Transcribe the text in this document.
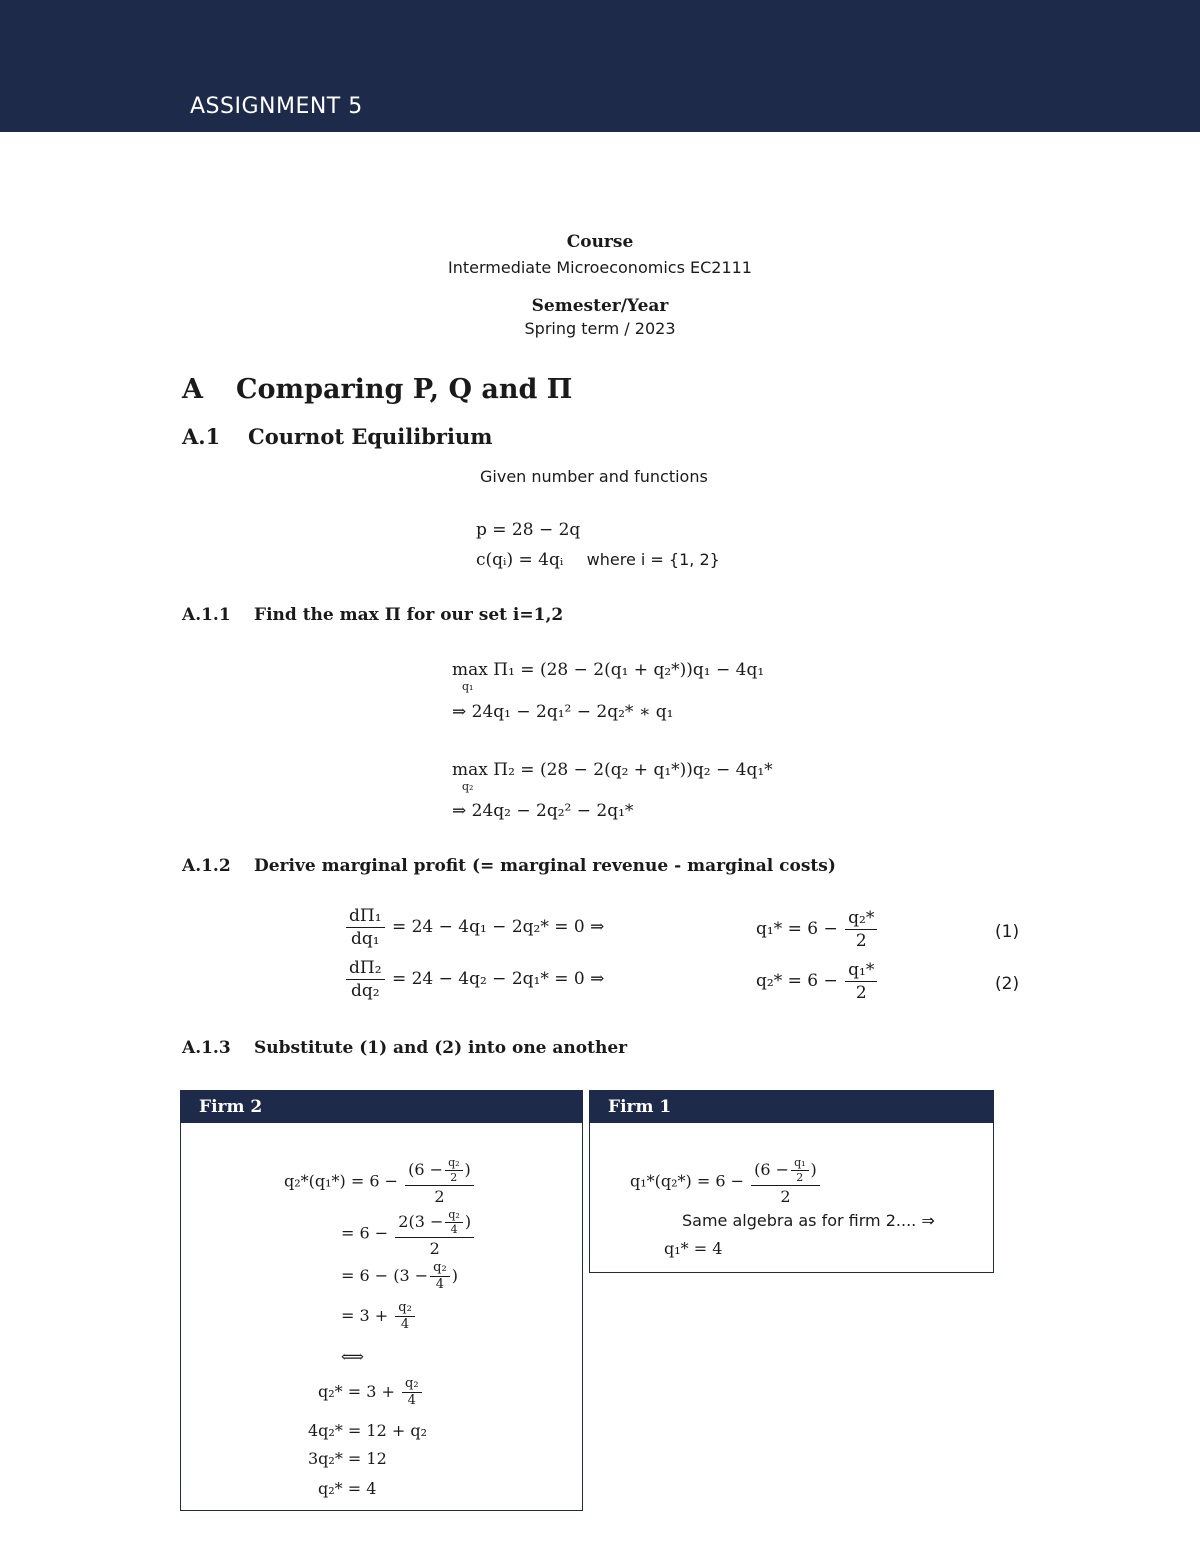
ASSIGNMENT 5
Course
Intermediate Microeconomics EC2111
Semester/Year
Spring term / 2023
A Comparing P, Q and Π
A.1 Cournot Equilibrium
Given number and functions
p = 28 − 2q
c(qᵢ) = 4qᵢ where i = {1, 2}
A.1.1 Find the max Π for our set i=1,2
max Π₁ = (28 − 2(q₁ + q₂*))q₁ − 4q₁
q₁
⇒ 24q₁ − 2q₁² − 2q₂* ∗ q₁
max Π₂ = (28 − 2(q₂ + q₁*))q₂ − 4q₁*
q₂
⇒ 24q₂ − 2q₂² − 2q₁*
A.1.2 Derive marginal profit (= marginal revenue - marginal costs)
$\frac{\text{dΠ₁}}{\text{dq₁}} = 24 - 4q_1 - 2q_2* = 0$ ⇒	$q_1* = 6 - \frac{\text{q₂*}}{2}$	(1)
$\frac{\text{dΠ₂}}{\text{dq₂}} = 24 - 4q_2 - 2q_1* = 0$ ⇒	$q_2* = 6 - \frac{\text{q₁*}}{2}$	(2)
A.1.3 Substitute (1) and (2) into one another
Firm 2
$q_2*(q_1*) = 6 - \frac{(6 - \frac{\text{q₂}}{2} )}{2}$
= $6 - \frac{2(3 - \frac{\text{q₂}}{4} )}{2}$
= $6 - (3 - \frac{\text{q₂}}{4}$ )
= $3 + \frac{\text{q₂}}{4}$
⟺
$q_2* = 3 + \frac{\text{q₂}}{4}$
4q₂* = 12 + q₂
3q₂* = 12
q₂* = 4
Firm 1
$q_1*(q_2*) = 6 - \frac{(6 - \frac{\text{q₁}}{2} )}{2}$
Same algebra as for firm 2.... ⇒
q₁* = 4
